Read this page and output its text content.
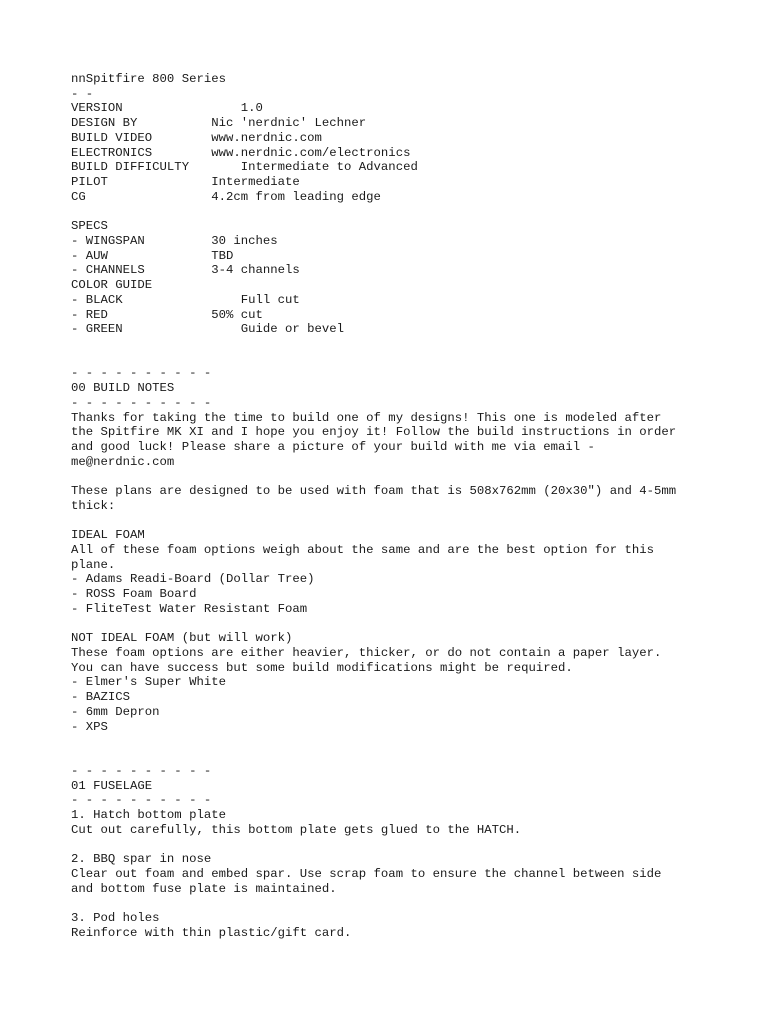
nnSpitfire 800 Series
- -
VERSION                1.0
DESIGN BY          Nic 'nerdnic' Lechner
BUILD VIDEO        www.nerdnic.com
ELECTRONICS        www.nerdnic.com/electronics
BUILD DIFFICULTY       Intermediate to Advanced
PILOT              Intermediate
CG                 4.2cm from leading edge
SPECS
- WINGSPAN         30 inches
- AUW              TBD
- CHANNELS         3-4 channels
COLOR GUIDE
- BLACK                Full cut
- RED              50% cut
- GREEN                Guide or bevel
- - - - - - - - - -
00 BUILD NOTES
- - - - - - - - - -
Thanks for taking the time to build one of my designs! This one is modeled after
the Spitfire MK XI and I hope you enjoy it! Follow the build instructions in order
and good luck! Please share a picture of your build with me via email -
me@nerdnic.com
These plans are designed to be used with foam that is 508x762mm (20x30") and 4-5mm
thick:
IDEAL FOAM
All of these foam options weigh about the same and are the best option for this
plane.
- Adams Readi-Board (Dollar Tree)
- ROSS Foam Board
- FliteTest Water Resistant Foam
NOT IDEAL FOAM (but will work)
These foam options are either heavier, thicker, or do not contain a paper layer.
You can have success but some build modifications might be required.
- Elmer's Super White
- BAZICS
- 6mm Depron
- XPS
- - - - - - - - - -
01 FUSELAGE
- - - - - - - - - -
1. Hatch bottom plate
Cut out carefully, this bottom plate gets glued to the HATCH.
2. BBQ spar in nose
Clear out foam and embed spar. Use scrap foam to ensure the channel between side
and bottom fuse plate is maintained.
3. Pod holes
Reinforce with thin plastic/gift card.
